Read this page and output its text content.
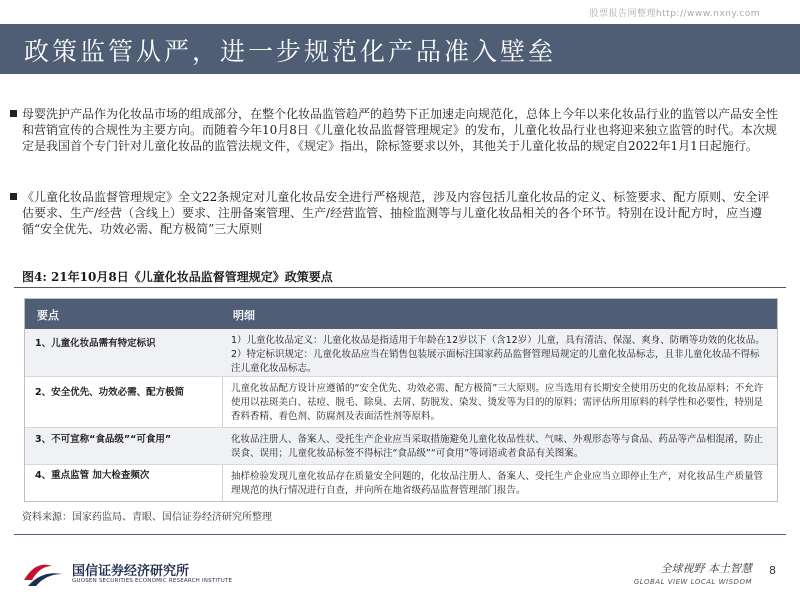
股票报告网整理http://www.nxny.com
政策监管从严，进一步规范化产品准入壁垒
母婴洗护产品作为化妆品市场的组成部分，在整个化妆品监管趋严的趋势下正加速走向规范化，总体上今年以来化妆品行业的监管以产品安全性和营销宣传的合规性为主要方向。而随着今年10月8日《儿童化妆品监督管理规定》的发布，儿童化妆品行业也将迎来独立监管的时代。本次规定是我国首个专门针对儿童化妆品的监管法规文件，《规定》指出，除标签要求以外，其他关于儿童化妆品的规定自2022年1月1日起施行。
《儿童化妆品监督管理规定》全文22条规定对儿童化妆品安全进行严格规范，涉及内容包括儿童化妆品的定义、标签要求、配方原则、安全评估要求、生产/经营（含线上）要求、注册备案管理、生产/经营监管、抽检监测等与儿童化妆品相关的各个环节。特别在设计配方时，应当遵循“安全优先、功效必需、配方极简”三大原则
图4: 21年10月8日《儿童化妆品监督管理规定》政策要点
要点	明细
1、儿童化妆品需有特定标识	1）儿童化妆品定义：儿童化妆品是指适用于年龄在12岁以下（含12岁）儿童，具有清洁、保湿、爽身、防晒等功效的化妆品。2）特定标识规定：儿童化妆品应当在销售包装展示面标注国家药品监督管理局规定的儿童化妆品标志，且非儿童化妆品不得标注儿童化妆品标志。
2、安全优先、功效必需、配方极简	儿童化妆品配方设计应遵循的“安全优先、功效必需、配方极简”三大原则。应当选用有长期安全使用历史的化妆品原料；不允许使用以祛斑美白、祛痘、脱毛、除臭、去屑、防脱发、染发、烫发等为目的的原料；需评估所用原料的科学性和必要性，特别是香料香精、着色剂、防腐剂及表面活性剂等原料。
3、不可宣称“食品级”“可食用”	化妆品注册人、备案人、受托生产企业应当采取措施避免儿童化妆品性状、气味、外观形态等与食品、药品等产品相混淆，防止误食、误用；儿童化妆品标签不得标注“食品级”“可食用”等词语或者食品有关图案。
4、重点监管 加大检查频次	抽样检验发现儿童化妆品存在质量安全问题的，化妆品注册人、备案人、受托生产企业应当立即停止生产，对化妆品生产质量管理规范的执行情况进行自查，并向所在地省级药品监督管理部门报告。
资料来源：国家药监局、青眼、国信证券经济研究所整理
国信证券经济研究所
GUOSEN SECURITIES ECONOMIC RESEARCH INSTITUTE
全球视野 本土智慧
GLOBAL VIEW LOCAL WISDOM
8
